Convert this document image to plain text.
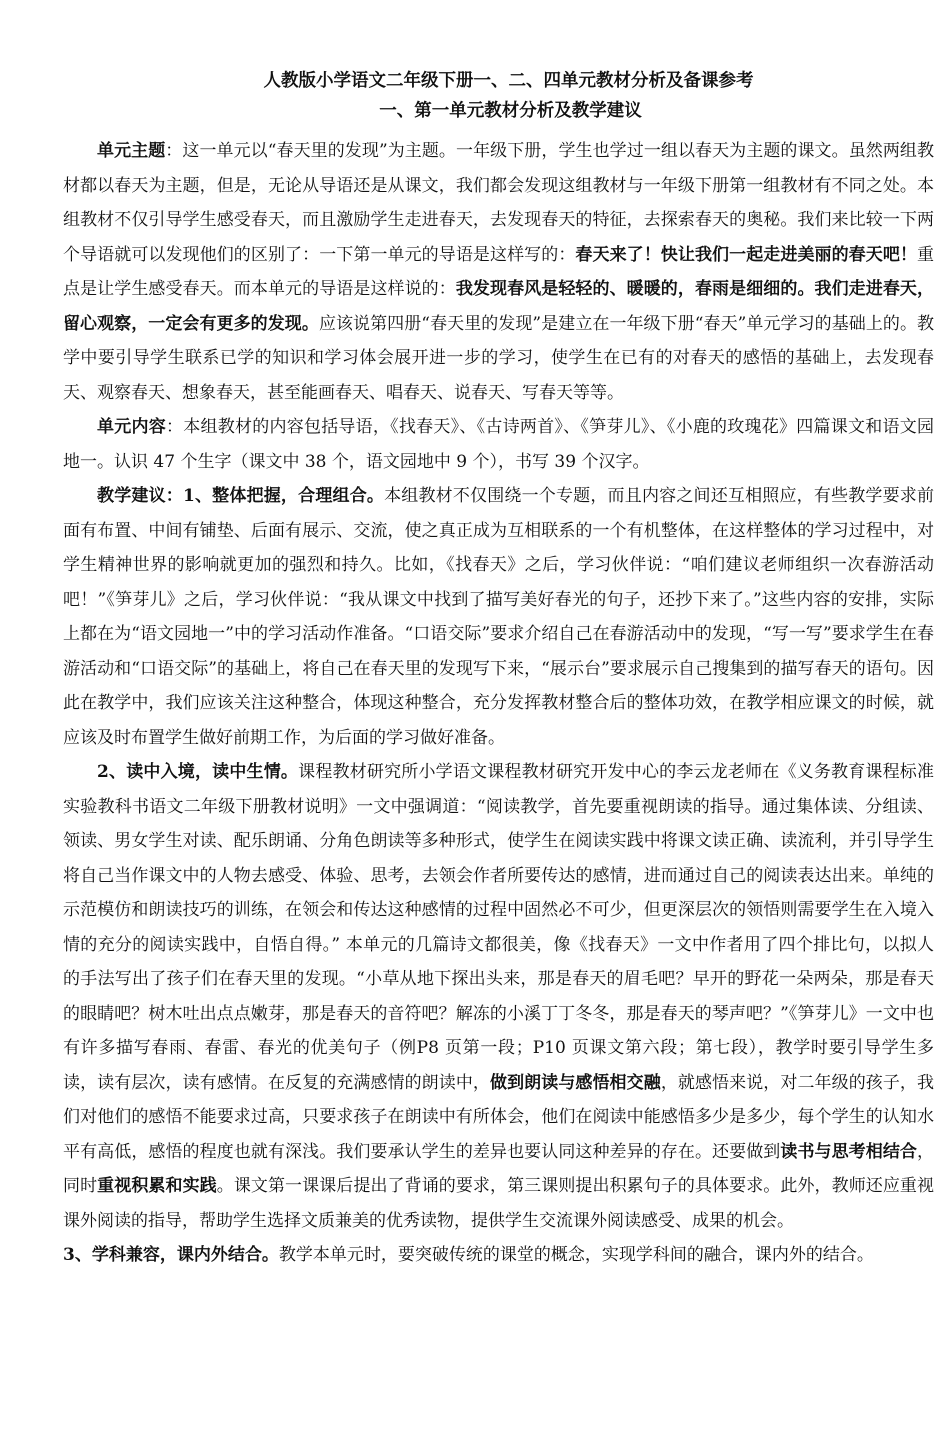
人教版小学语文二年级下册一、二、四单元教材分析及备课参考
一、第一单元教材分析及教学建议

单元主题：这一单元以“春天里的发现”为主题。一年级下册，学生也学过一组以春天为主题的课文。虽然两组教材都以春天为主题，但是，无论从导语还是从课文，我们都会发现这组教材与一年级下册第一组教材有不同之处。本组教材不仅引导学生感受春天，而且激励学生走进春天，去发现春天的特征，去探索春天的奥秘。我们来比较一下两个导语就可以发现他们的区别了：一下第一单元的导语是这样写的：春天来了！快让我们一起走进美丽的春天吧！重点是让学生感受春天。而本单元的导语是这样说的：我发现春风是轻轻的、暖暖的，春雨是细细的。我们走进春天，留心观察，一定会有更多的发现。应该说第四册“春天里的发现”是建立在一年级下册“春天”单元学习的基础上的。教学中要引导学生联系已学的知识和学习体会展开进一步的学习，使学生在已有的对春天的感悟的基础上，去发现春天、观察春天、想象春天，甚至能画春天、唱春天、说春天、写春天等等。

单元内容：本组教材的内容包括导语，《找春天》、《古诗两首》、《笋芽儿》、《小鹿的玫瑰花》四篇课文和语文园地一。认识 47 个生字（课文中 38 个，语文园地中 9 个），书写 39 个汉字。

教学建议：1、整体把握，合理组合。本组教材不仅围绕一个专题，而且内容之间还互相照应，有些教学要求前面有布置、中间有铺垫、后面有展示、交流，使之真正成为互相联系的一个有机整体，在这样整体的学习过程中，对学生精神世界的影响就更加的强烈和持久。比如，《找春天》之后，学习伙伴说：“咱们建议老师组织一次春游活动吧！”《笋芽儿》之后，学习伙伴说：“我从课文中找到了描写美好春光的句子，还抄下来了。”这些内容的安排，实际上都在为“语文园地一”中的学习活动作准备。“口语交际”要求介绍自己在春游活动中的发现，“写一写”要求学生在春游活动和“口语交际”的基础上，将自己在春天里的发现写下来，“展示台”要求展示自己搜集到的描写春天的语句。因此在教学中，我们应该关注这种整合，体现这种整合，充分发挥教材整合后的整体功效，在教学相应课文的时候，就应该及时布置学生做好前期工作，为后面的学习做好准备。

2、读中入境，读中生情。课程教材研究所小学语文课程教材研究开发中心的李云龙老师在《义务教育课程标准实验教科书语文二年级下册教材说明》一文中强调道：“阅读教学，首先要重视朗读的指导。通过集体读、分组读、领读、男女学生对读、配乐朗诵、分角色朗读等多种形式，使学生在阅读实践中将课文读正确、读流利，并引导学生将自己当作课文中的人物去感受、体验、思考，去领会作者所要传达的感情，进而通过自己的阅读表达出来。单纯的示范模仿和朗读技巧的训练，在领会和传达这种感情的过程中固然必不可少，但更深层次的领悟则需要学生在入境入情的充分的阅读实践中，自悟自得。” 本单元的几篇诗文都很美，像《找春天》一文中作者用了四个排比句，以拟人的手法写出了孩子们在春天里的发现。“小草从地下探出头来，那是春天的眉毛吧？早开的野花一朵两朵，那是春天的眼睛吧？树木吐出点点嫩芽，那是春天的音符吧？解冻的小溪丁丁冬冬，那是春天的琴声吧？”《笋芽儿》一文中也有许多描写春雨、春雷、春光的优美句子（例P8 页第一段；P10 页课文第六段；第七段），教学时要引导学生多读，读有层次，读有感情。在反复的充满感情的朗读中，做到朗读与感悟相交融，就感悟来说，对二年级的孩子，我们对他们的感悟不能要求过高，只要求孩子在朗读中有所体会，他们在阅读中能感悟多少是多少，每个学生的认知水平有高低，感悟的程度也就有深浅。我们要承认学生的差异也要认同这种差异的存在。还要做到读书与思考相结合，同时重视积累和实践。课文第一课课后提出了背诵的要求，第三课则提出积累句子的具体要求。此外，教师还应重视课外阅读的指导，帮助学生选择文质兼美的优秀读物，提供学生交流课外阅读感受、成果的机会。

3、学科兼容，课内外结合。教学本单元时，要突破传统的课堂的概念，实现学科间的融合，课内外的结合。
